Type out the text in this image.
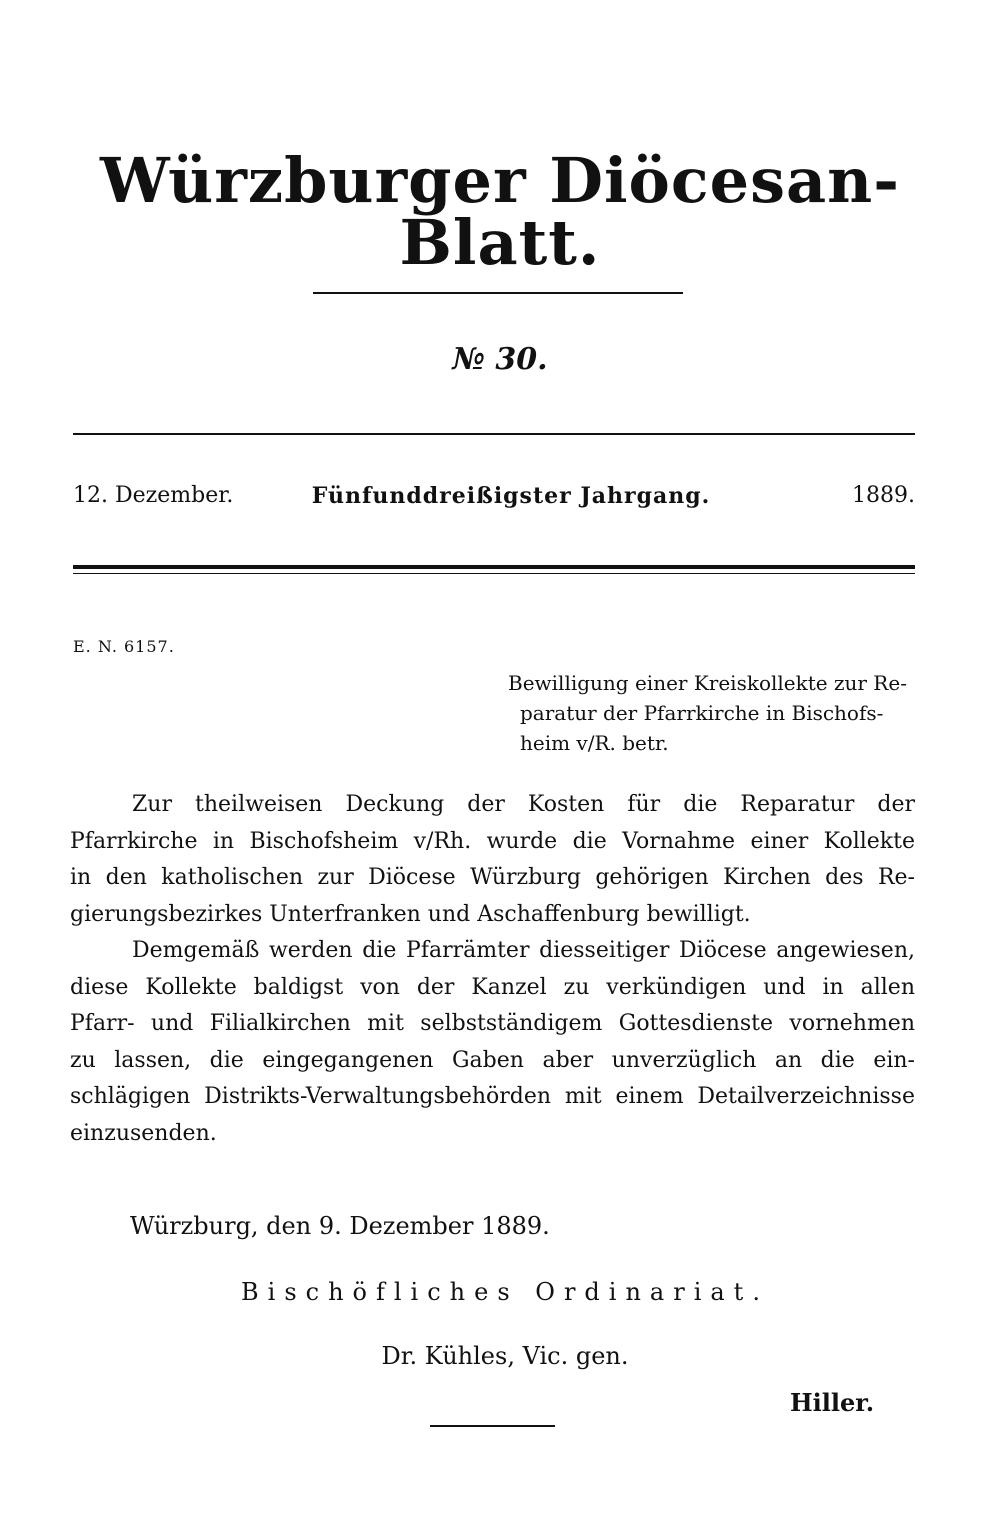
Würzburger Diöcesan-Blatt.
№ 30.
12. Dezember.	Fünfunddreißigster Jahrgang.	1889.
E. N. 6157.
Bewilligung einer Kreiskollekte zur Re-
paratur der Pfarrkirche in Bischofs-
heim v/R. betr.
Zur theilweisen Deckung der Kosten für die Reparatur der
Pfarrkirche in Bischofsheim v/Rh. wurde die Vornahme einer Kollekte
in den katholischen zur Diöcese Würzburg gehörigen Kirchen des Re-
gierungsbezirkes Unterfranken und Aschaffenburg bewilligt.
Demgemäß werden die Pfarrämter diesseitiger Diöcese angewiesen,
diese Kollekte baldigst von der Kanzel zu verkündigen und in allen
Pfarr- und Filialkirchen mit selbstständigem Gottesdienste vornehmen
zu lassen, die eingegangenen Gaben aber unverzüglich an die ein-
schlägigen Distrikts-Verwaltungsbehörden mit einem Detailverzeichnisse
einzusenden.
Würzburg, den 9. Dezember 1889.
Bischöfliches Ordinariat.
Dr. Kühles, Vic. gen.
Hiller.
